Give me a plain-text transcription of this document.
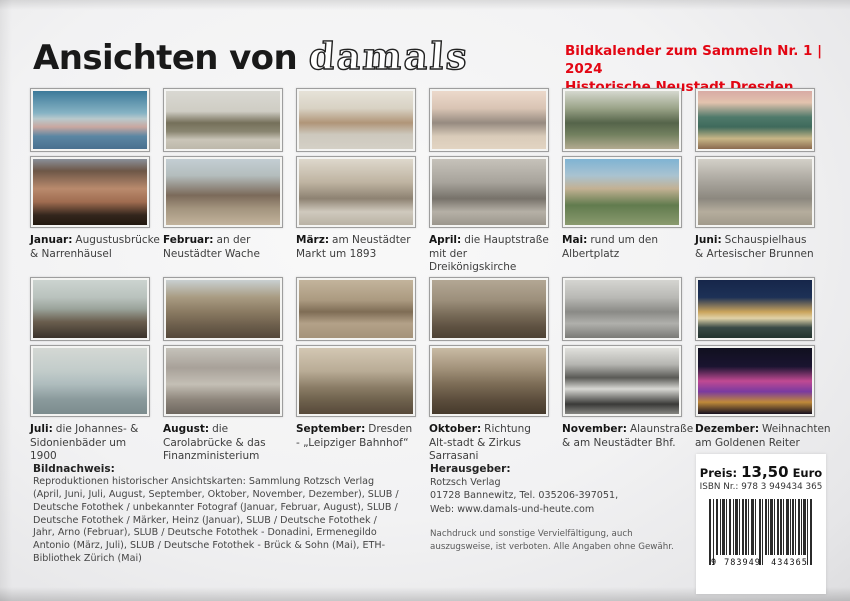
Ansichten von damals	Bildkalender zum Sammeln Nr. 1 | 2024
Neustadt
Januar: Augustusbrücke & Narrenhäusel
Februar: an der Neustädter Wache
März: am Neustädter Markt um 1893
April: die Hauptstraße mit der Dreikönigskirche
Mai: rund um den Albertplatz
Juni: Schauspielhaus & Artesischer Brunnen
Juli: die Johannes- & Sidonienbäder um 1900
August: die Carolabrücke & das Finanzministerium
September: Dresden - „Leipziger Bahnhof“
Oktober: Richtung Alt-stadt & Zirkus Sarrasani
November: Alaunstraße & am Neustädter Bhf.
Dezember: Weihnachten am Goldenen Reiter
Bildnachweis:

Reproduktionen historischer Ansichtskarten: Sammlung Rotzsch Verlag (April, Juni, Juli, August, September, Oktober, November, Dezember), SLUB / Deutsche Fotothek / unbekannter Fotograf (Januar, Februar, August), SLUB / Deutsche Fotothek / Märker, Heinz (Januar), SLUB / Deutsche Fotothek / Jahr, Arno (Februar), SLUB / Deutsche Fotothek - Donadini, Ermenegildo Antonio (März, Juli), SLUB / Deutsche Fotothek - Brück & Sohn (Mai), ETH-Bibliothek Zürich (Mai)

Herausgeber:

Rotzsch Verlag

01728 Bannewitz, Tel. 035206-397051,

Web: www.damals-und-heute.com

Nachdruck und sonstige Vervielfältigung, auch auszugsweise, ist verboten. Alle Angaben ohne Gewähr.

Preis: 13,50 Euro
ISBN Nr.: 978 3 949434 365
9 783949	434365
